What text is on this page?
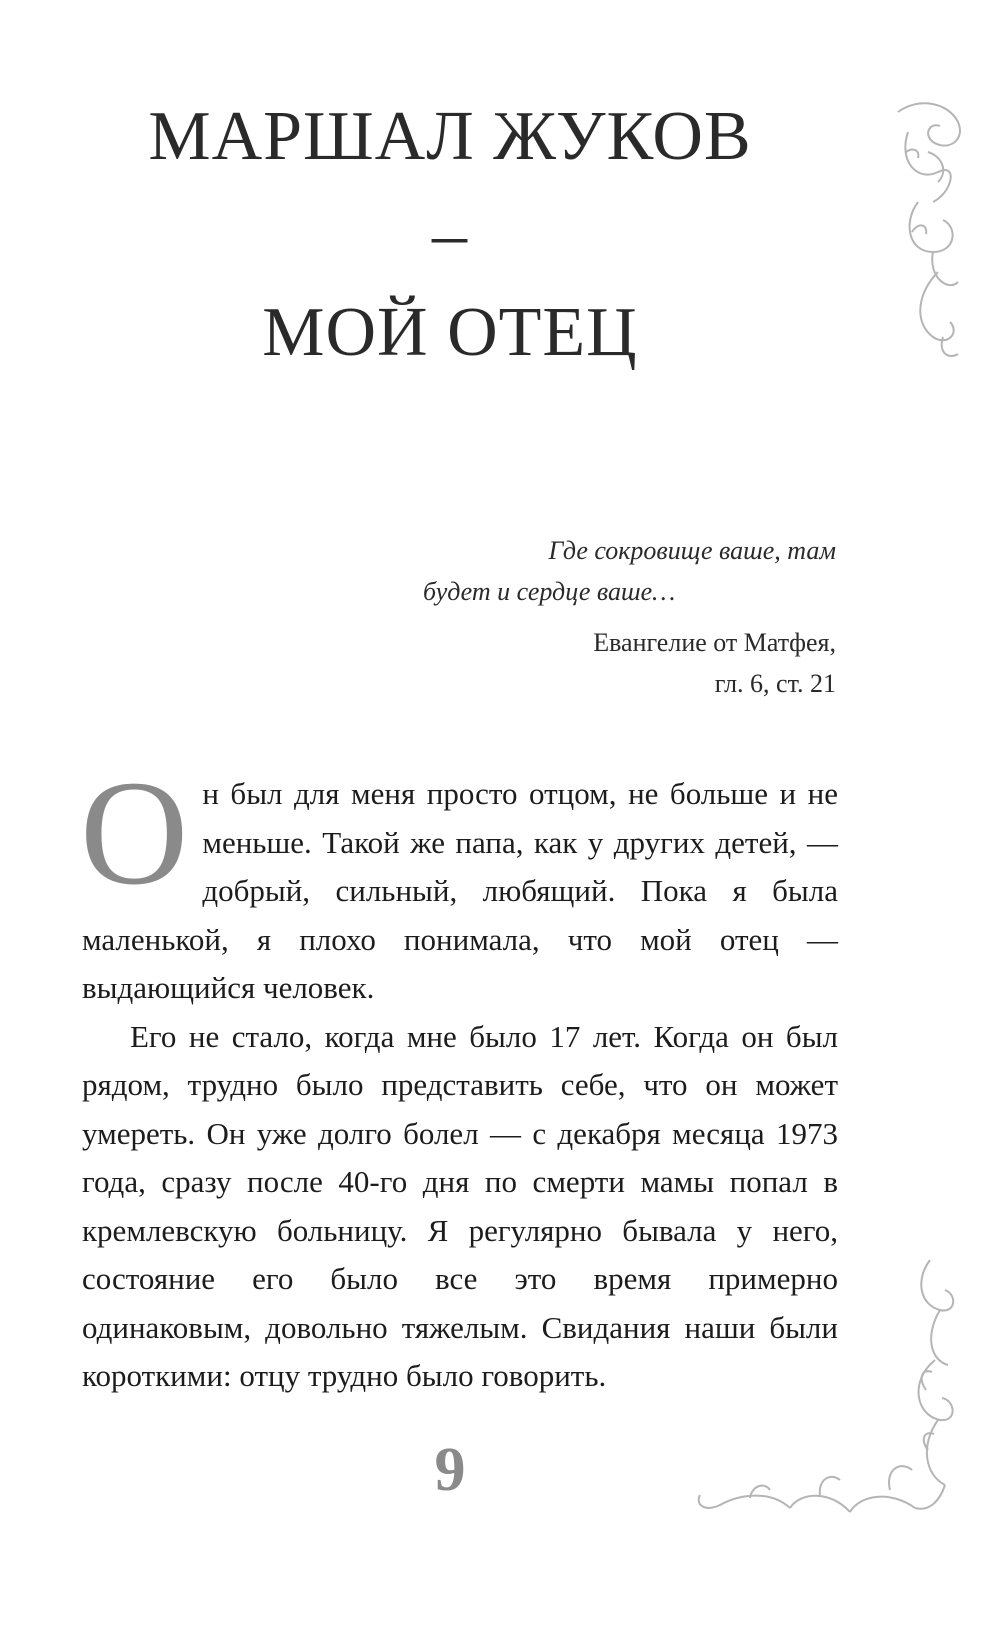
МАРШАЛ ЖУКОВ –
МОЙ ОТЕЦ
Где сокровище ваше, там
будет и сердце ваше…
Евангелие от Матфея,
гл. 6, ст. 21

Он был для меня просто отцом, не больше и не меньше. Такой же папа, как у других детей, — добрый, сильный, любящий. Пока я была маленькой, я плохо понимала, что мой отец — выдающийся человек.

Его не стало, когда мне было 17 лет. Когда он был рядом, трудно было представить себе, что он может умереть. Он уже долго болел — с декабря месяца 1973 года, сразу после 40-го дня по смерти мамы попал в кремлевскую больницу. Я регулярно бывала у него, состояние его было все это время примерно одинаковым, довольно тяжелым. Свидания наши были короткими: отцу трудно было говорить.

9
